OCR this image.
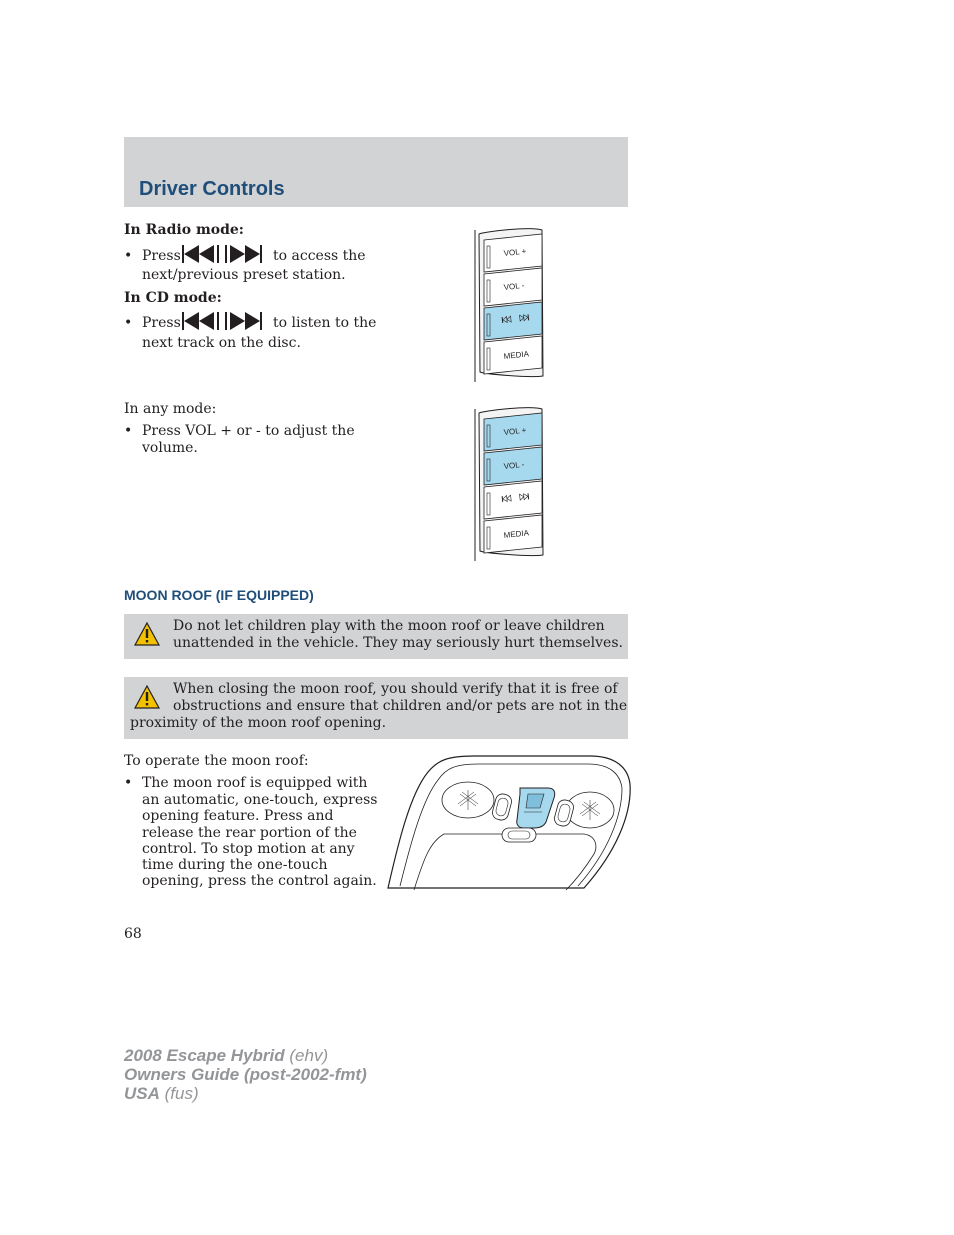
Driver Controls
In Radio mode:
• Press	to access the
next/previous preset station.
In CD mode:
• Press	to listen to the
next track on the disc.
VOL +
VOL -
MEDIA
In any mode:
• Press VOL + or - to adjust the
volume.
VOL +
VOL -
MEDIA
MOON ROOF (IF EQUIPPED)
Do not let children play with the moon roof or leave children
unattended in the vehicle. They may seriously hurt themselves.
When closing the moon roof, you should verify that it is free of
obstructions and ensure that children and/or pets are not in the
proximity of the moon roof opening.
To operate the moon roof:
• The moon roof is equipped with
an automatic, one-touch, express
opening feature. Press and
release the rear portion of the
control. To stop motion at any
time during the one-touch
opening, press the control again.
68
2008 Escape Hybrid (ehv)
Owners Guide (post-2002-fmt)
USA (fus)
